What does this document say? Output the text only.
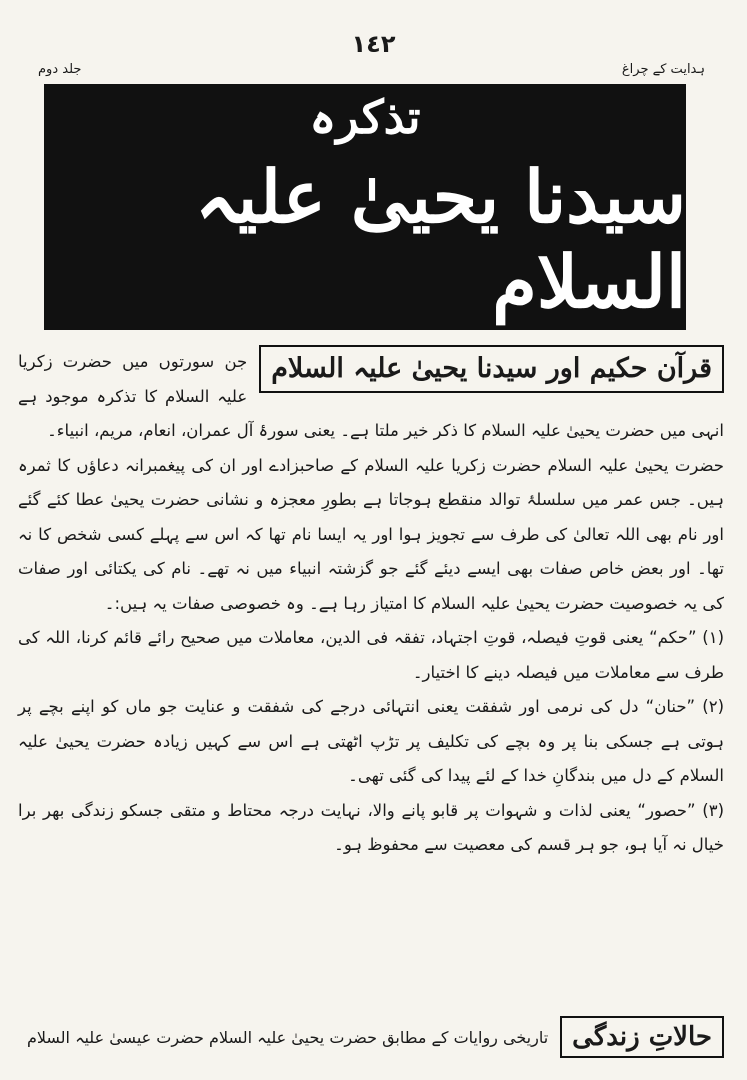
١٤٢
ہدایت کے چراغ
جلد دوم
تذکرہ
سیدنا یحییٰ علیہ السلام
قرآن حکیم اور سیدنا یحییٰ علیہ السلام

جن سورتوں میں حضرت زکریا علیہ السلام کا تذکرہ موجود ہے انہی میں حضرت یحییٰ علیہ السلام کا ذکر خیر ملتا ہے۔ یعنی سورۂ آل عمران، انعام، مریم، انبیاء۔

حضرت یحییٰ علیہ السلام حضرت زکریا علیہ السلام کے صاحبزادے اور ان کی پیغمبرانہ دعاؤں کا ثمرہ ہیں۔ جس عمر میں سلسلۂ توالد منقطع ہوجاتا ہے بطورِ معجزہ و نشانی حضرت یحییٰ عطا کئے گئے اور نام بھی اللہ تعالیٰ کی طرف سے تجویز ہوا اور یہ ایسا نام تھا کہ اس سے پہلے کسی شخص کا نہ تھا۔ اور بعض خاص صفات بھی ایسے دیئے گئے جو گزشتہ انبیاء میں نہ تھے۔ نام کی یکتائی اور صفات کی یہ خصوصیت حضرت یحییٰ علیہ السلام کا امتیاز رہا ہے۔ وہ خصوصی صفات یہ ہیں:۔

(۱) ”حکم“ یعنی قوتِ فیصلہ، قوتِ اجتہاد، تفقہ فی الدین، معاملات میں صحیح رائے قائم کرنا، اللہ کی طرف سے معاملات میں فیصلہ دینے کا اختیار۔

(۲) ”حنان“ دل کی نرمی اور شفقت یعنی انتہائی درجے کی شفقت و عنایت جو ماں کو اپنے بچے پر ہوتی ہے جسکی بنا پر وہ بچے کی تکلیف پر تڑپ اٹھتی ہے اس سے کہیں زیادہ حضرت یحییٰ علیہ السلام کے دل میں بندگانِ خدا کے لئے پیدا کی گئی تھی۔

(۳) ”حصور“ یعنی لذات و شہوات پر قابو پانے والا، نہایت درجہ محتاط و متقی جسکو زندگی بھر برا خیال نہ آیا ہو، جو ہر قسم کی معصیت سے محفوظ ہو۔

حالاتِ زندگی
تاریخی روایات کے مطابق حضرت یحییٰ علیہ السلام حضرت عیسیٰ علیہ السلام
